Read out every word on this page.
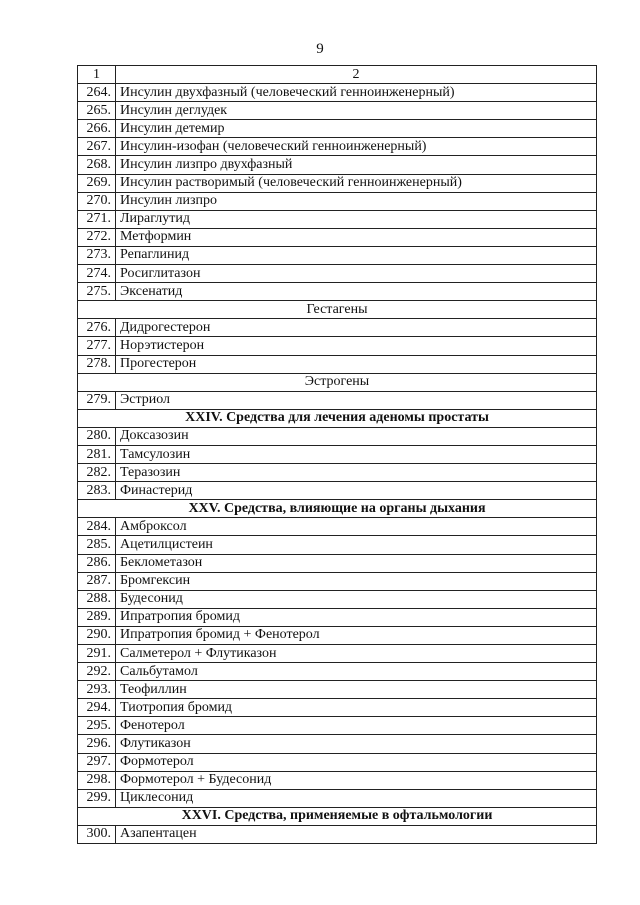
9
1	2
264.	Инсулин двухфазный (человеческий генноинженерный)
265.	Инсулин деглудек
266.	Инсулин детемир
267.	Инсулин-изофан (человеческий генноинженерный)
268.	Инсулин лизпро двухфазный
269.	Инсулин растворимый (человеческий генноинженерный)
270.	Инсулин лизпро
271.	Лираглутид
272.	Метформин
273.	Репаглинид
274.	Росиглитазон
275.	Эксенатид
Гестагены	
276.	Дидрогестерон
277.	Норэтистерон
278.	Прогестерон
Эстрогены	
279.	Эстриол
XXIV. Средства для лечения аденомы простаты	
280.	Доксазозин
281.	Тамсулозин
282.	Теразозин
283.	Финастерид
XXV. Средства, влияющие на органы дыхания	
284.	Амброксол
285.	Ацетилцистеин
286.	Беклометазон
287.	Бромгексин
288.	Будесонид
289.	Ипратропия бромид
290.	Ипратропия бромид + Фенотерол
291.	Салметерол + Флутиказон
292.	Сальбутамол
293.	Теофиллин
294.	Тиотропия бромид
295.	Фенотерол
296.	Флутиказон
297.	Формотерол
298.	Формотерол + Будесонид
299.	Циклесонид
XXVI. Средства, применяемые в офтальмологии	
300.	Азапентацен
